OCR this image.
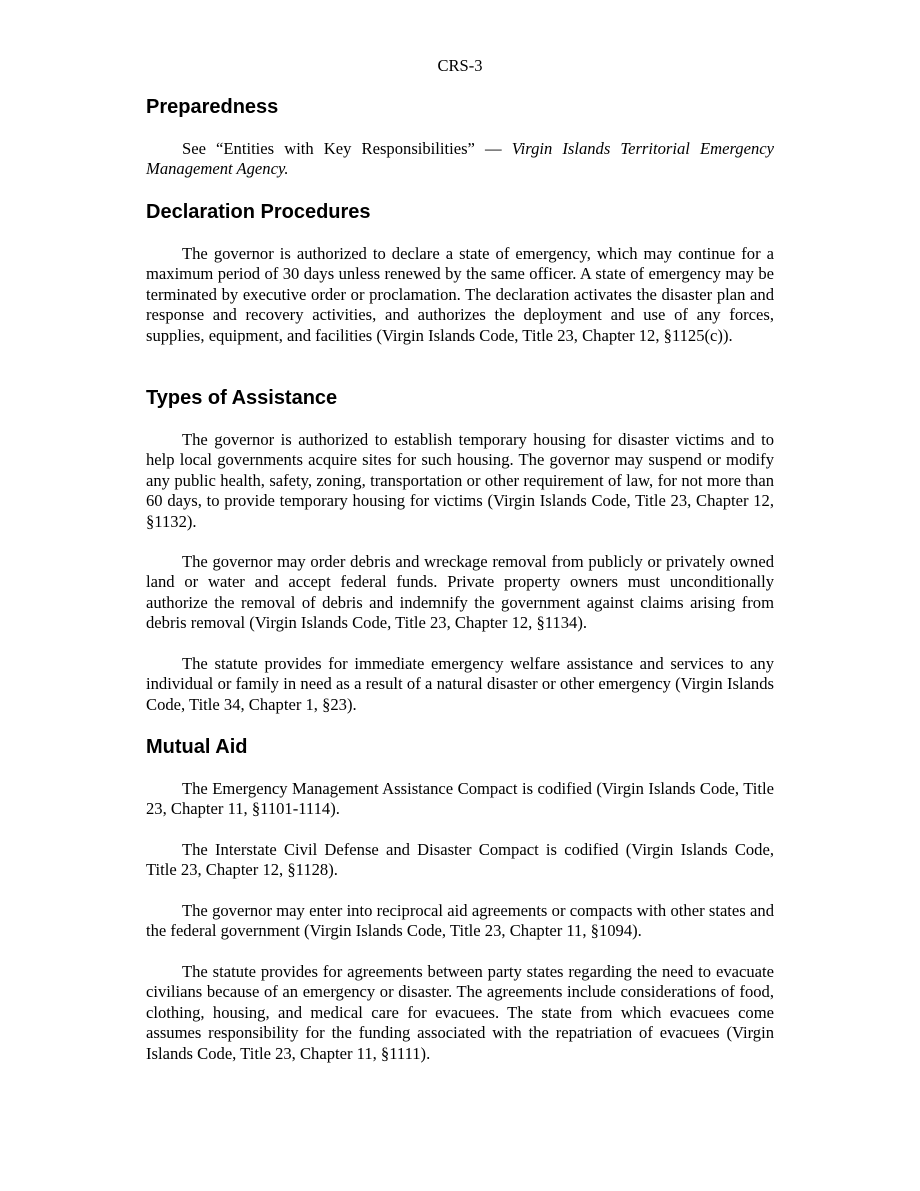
CRS-3
Preparedness

See “Entities with Key Responsibilities” — Virgin Islands Territorial Emergency Management Agency.

Declaration Procedures

The governor is authorized to declare a state of emergency, which may continue for a maximum period of 30 days unless renewed by the same officer. A state of emergency may be terminated by executive order or proclamation. The declaration activates the disaster plan and response and recovery activities, and authorizes the deployment and use of any forces, supplies, equipment, and facilities (Virgin Islands Code, Title 23, Chapter 12, §1125(c)).

Types of Assistance

The governor is authorized to establish temporary housing for disaster victims and to help local governments acquire sites for such housing. The governor may suspend or modify any public health, safety, zoning, transportation or other requirement of law, for not more than 60 days, to provide temporary housing for victims (Virgin Islands Code, Title 23, Chapter 12, §1132).

The governor may order debris and wreckage removal from publicly or privately owned land or water and accept federal funds. Private property owners must unconditionally authorize the removal of debris and indemnify the government against claims arising from debris removal (Virgin Islands Code, Title 23, Chapter 12, §1134).

The statute provides for immediate emergency welfare assistance and services to any individual or family in need as a result of a natural disaster or other emergency (Virgin Islands Code, Title 34, Chapter 1, §23).

Mutual Aid

The Emergency Management Assistance Compact is codified (Virgin Islands Code, Title 23, Chapter 11, §1101-1114).

The Interstate Civil Defense and Disaster Compact is codified (Virgin Islands Code, Title 23, Chapter 12, §1128).

The governor may enter into reciprocal aid agreements or compacts with other states and the federal government (Virgin Islands Code, Title 23, Chapter 11, §1094).

The statute provides for agreements between party states regarding the need to evacuate civilians because of an emergency or disaster. The agreements include considerations of food, clothing, housing, and medical care for evacuees. The state from which evacuees come assumes responsibility for the funding associated with the repatriation of evacuees (Virgin Islands Code, Title 23, Chapter 11, §1111).
